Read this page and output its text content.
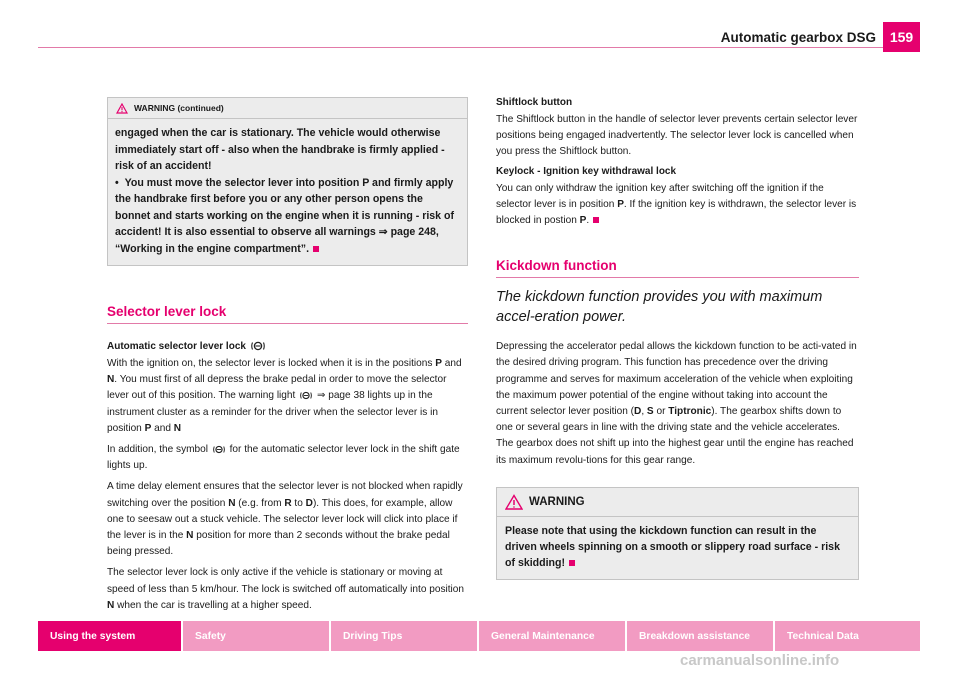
Automatic gearbox DSG 159
WARNING (continued)
engaged when the car is stationary. The vehicle would otherwise immediately start off - also when the handbrake is firmly applied - risk of an accident!
• You must move the selector lever into position P and firmly apply the handbrake first before you or any other person opens the bonnet and starts working on the engine when it is running - risk of accident! It is also essential to observe all warnings ⇒ page 248, “Working in the engine compartment”.
Selector lever lock
Automatic selector lever lock

With the ignition on, the selector lever is locked when it is in the positions P and N. You must first of all depress the brake pedal in order to move the selector lever out of this position. The warning light  ⇒ page 38 lights up in the instrument cluster as a reminder for the driver when the selector lever is in position P and N

In addition, the symbol  for the automatic selector lever lock in the shift gate lights up.

A time delay element ensures that the selector lever is not blocked when rapidly switching over the position N (e.g. from R to D). This does, for example, allow one to seesaw out a stuck vehicle. The selector lever lock will click into place if the lever is in the N position for more than 2 seconds without the brake pedal being pressed.

The selector lever lock is only active if the vehicle is stationary or moving at speed of less than 5 km/hour. The lock is switched off automatically into position N when the car is travelling at a higher speed.

Shiftlock button

The Shiftlock button in the handle of selector lever prevents certain selector lever positions being engaged inadvertently. The selector lever lock is cancelled when you press the Shiftlock button.

Keylock - Ignition key withdrawal lock

You can only withdraw the ignition key after switching off the ignition if the selector lever is in position P. If the ignition key is withdrawn, the selector lever is blocked in postion P.

Kickdown function

The kickdown function provides you with maximum accel-eration power.

Depressing the accelerator pedal allows the kickdown function to be acti-vated in the desired driving program. This function has precedence over the driving programme and serves for maximum acceleration of the vehicle when exploiting the maximum power potential of the engine without taking into account the current selector lever position (D, S or Tiptronic). The gearbox shifts down to one or several gears in line with the driving state and the vehicle accelerates. The gearbox does not shift up into the highest gear until the engine has reached its maximum revolu-tions for this gear range.

WARNING
Please note that using the kickdown function can result in the driven wheels spinning on a smooth or slippery road surface - risk of skidding!
Using the system	Safety	Driving Tips	General Maintenance	Breakdown assistance	Technical Data
carmanualsonline.info
